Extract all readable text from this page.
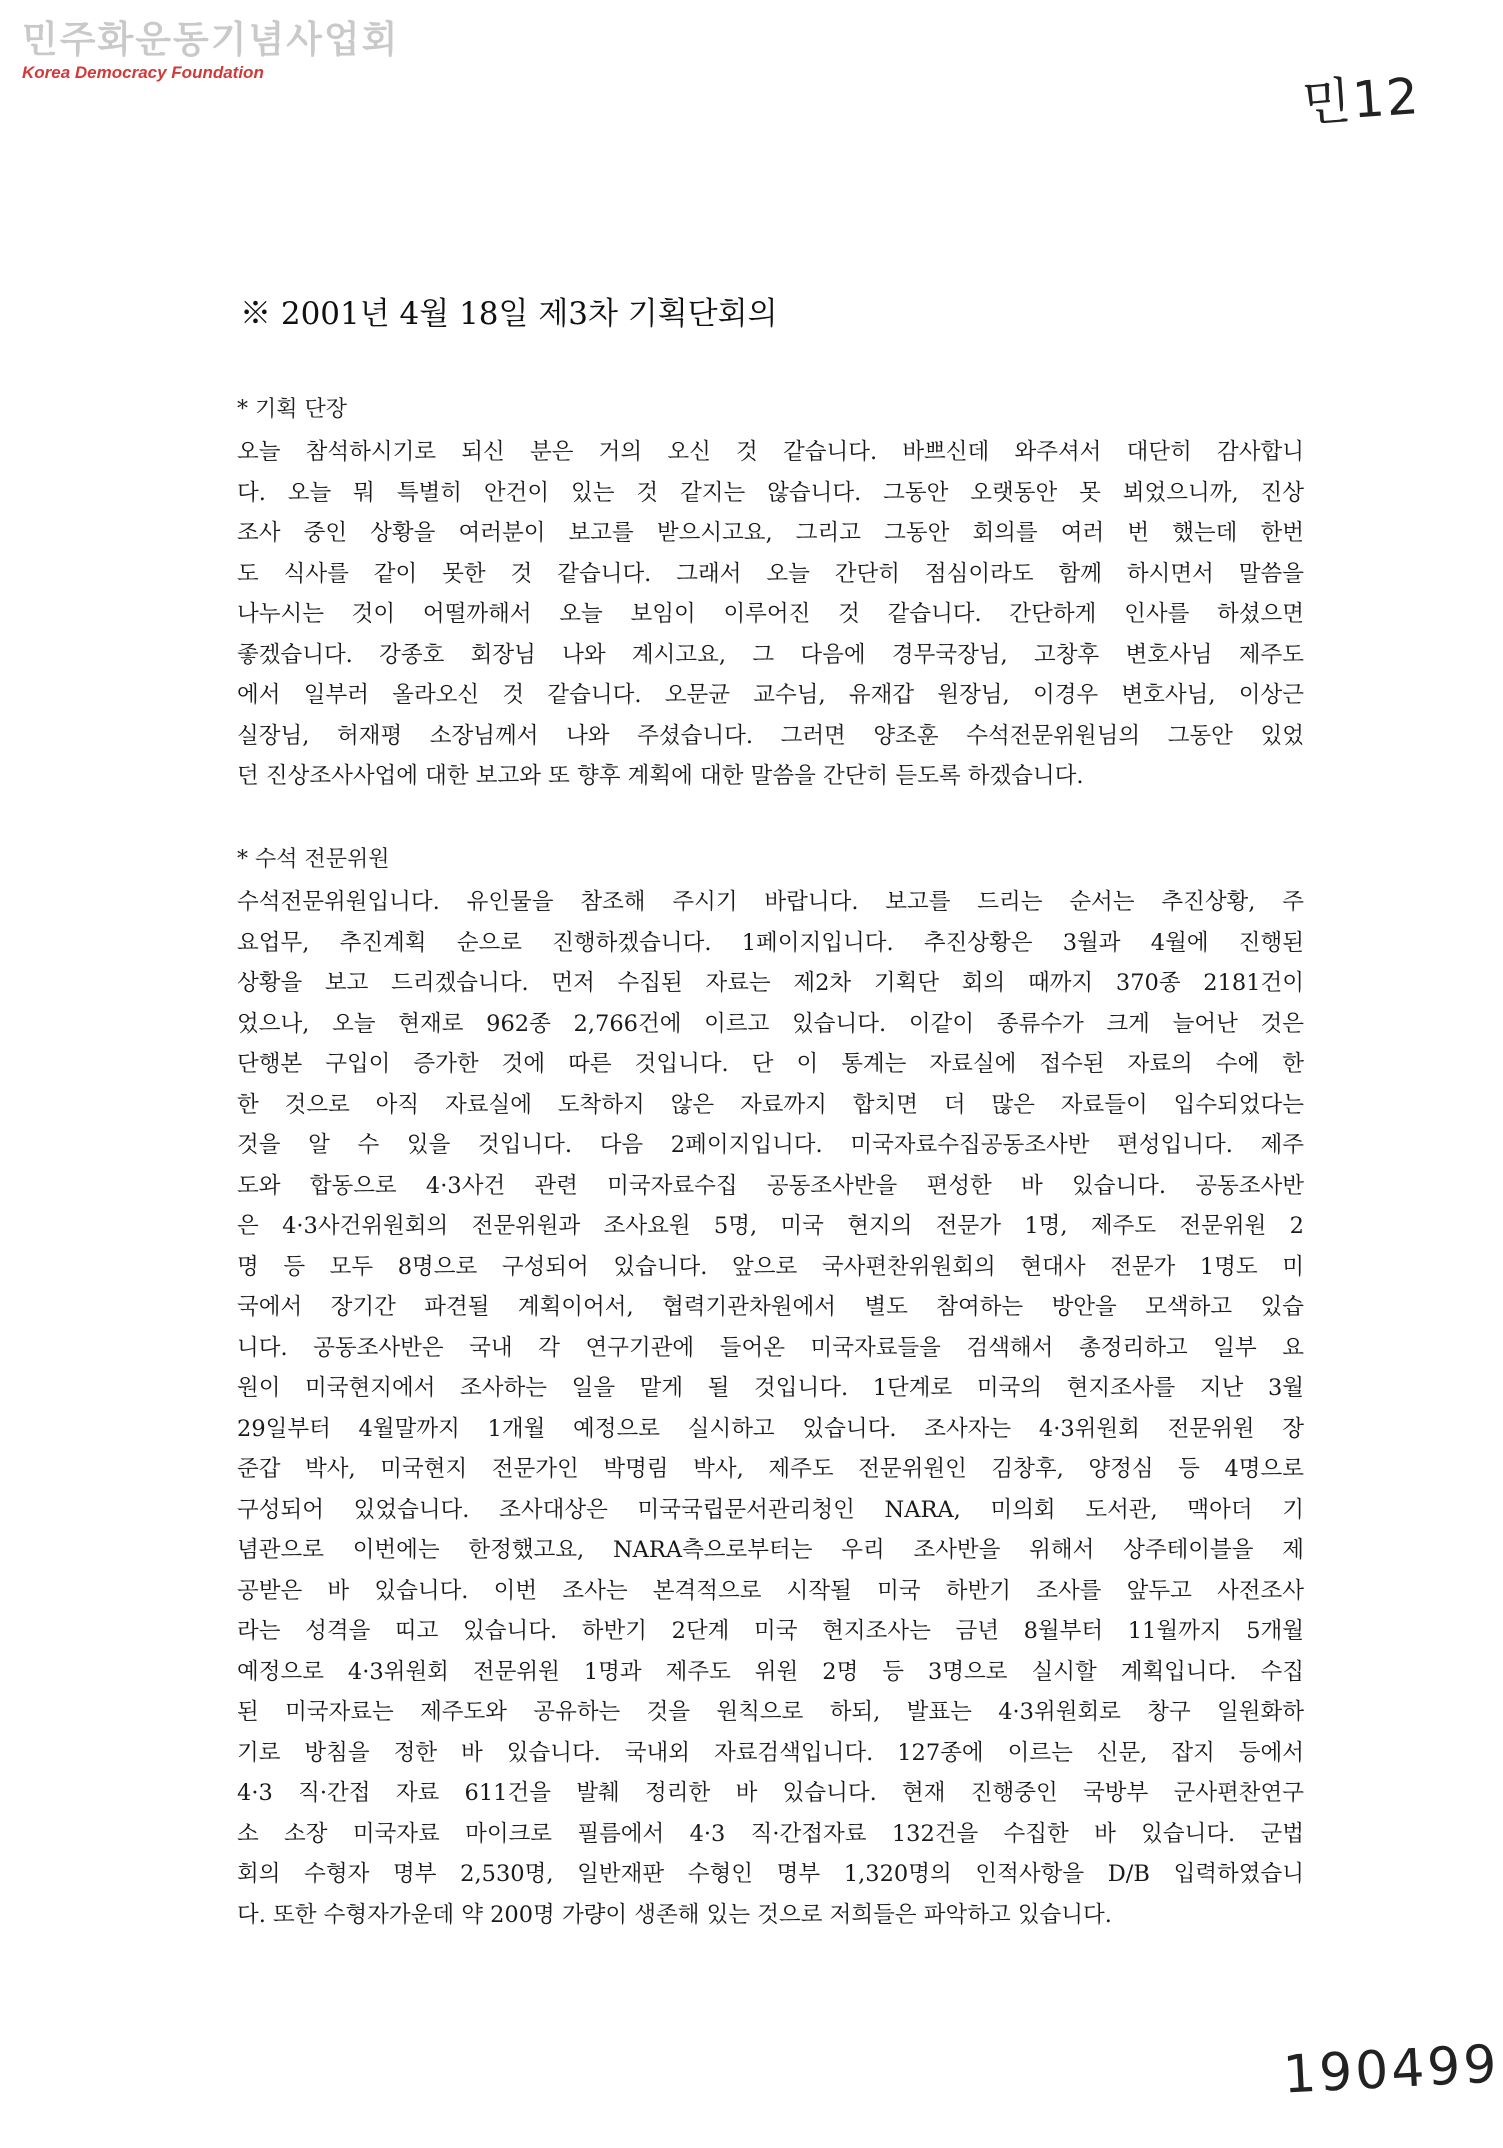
민주화운동기념사업회
Korea Democracy Foundation	민12
※ 2001년 4월 18일 제3차 기획단회의
* 기획 단장
오늘 참석하시기로 되신 분은 거의 오신 것 같습니다. 바쁘신데 와주셔서 대단히 감사합니
다. 오늘 뭐 특별히 안건이 있는 것 같지는 않습니다. 그동안 오랫동안 못 뵈었으니까, 진상
조사 중인 상황을 여러분이 보고를 받으시고요, 그리고 그동안 회의를 여러 번 했는데 한번
도 식사를 같이 못한 것 같습니다. 그래서 오늘 간단히 점심이라도 함께 하시면서 말씀을
나누시는 것이 어떨까해서 오늘 보임이 이루어진 것 같습니다. 간단하게 인사를 하셨으면
좋겠습니다. 강종호 회장님 나와 계시고요, 그 다음에 경무국장님, 고창후 변호사님 제주도
에서 일부러 올라오신 것 같습니다. 오문균 교수님, 유재갑 원장님, 이경우 변호사님, 이상근
실장님, 허재평 소장님께서 나와 주셨습니다. 그러면 양조훈 수석전문위원님의 그동안 있었
던 진상조사사업에 대한 보고와 또 향후 계획에 대한 말씀을 간단히 듣도록 하겠습니다.
* 수석 전문위원
수석전문위원입니다. 유인물을 참조해 주시기 바랍니다. 보고를 드리는 순서는 추진상황, 주
요업무, 추진계획 순으로 진행하겠습니다. 1페이지입니다. 추진상황은 3월과 4월에 진행된
상황을 보고 드리겠습니다. 먼저 수집된 자료는 제2차 기획단 회의 때까지 370종 2181건이
었으나, 오늘 현재로 962종 2,766건에 이르고 있습니다. 이같이 종류수가 크게 늘어난 것은
단행본 구입이 증가한 것에 따른 것입니다. 단 이 통계는 자료실에 접수된 자료의 수에 한
한 것으로 아직 자료실에 도착하지 않은 자료까지 합치면 더 많은 자료들이 입수되었다는
것을 알 수 있을 것입니다. 다음 2페이지입니다. 미국자료수집공동조사반 편성입니다. 제주
도와 합동으로 4·3사건 관련 미국자료수집 공동조사반을 편성한 바 있습니다. 공동조사반
은 4·3사건위원회의 전문위원과 조사요원 5명, 미국 현지의 전문가 1명, 제주도 전문위원 2
명 등 모두 8명으로 구성되어 있습니다. 앞으로 국사편찬위원회의 현대사 전문가 1명도 미
국에서 장기간 파견될 계획이어서, 협력기관차원에서 별도 참여하는 방안을 모색하고 있습
니다. 공동조사반은 국내 각 연구기관에 들어온 미국자료들을 검색해서 총정리하고 일부 요
원이 미국현지에서 조사하는 일을 맡게 될 것입니다. 1단계로 미국의 현지조사를 지난 3월
29일부터 4월말까지 1개월 예정으로 실시하고 있습니다. 조사자는 4·3위원회 전문위원 장
준갑 박사, 미국현지 전문가인 박명림 박사, 제주도 전문위원인 김창후, 양정심 등 4명으로
구성되어 있었습니다. 조사대상은 미국국립문서관리청인 NARA, 미의회 도서관, 맥아더 기
념관으로 이번에는 한정했고요, NARA측으로부터는 우리 조사반을 위해서 상주테이블을 제
공받은 바 있습니다. 이번 조사는 본격적으로 시작될 미국 하반기 조사를 앞두고 사전조사
라는 성격을 띠고 있습니다. 하반기 2단계 미국 현지조사는 금년 8월부터 11월까지 5개월
예정으로 4·3위원회 전문위원 1명과 제주도 위원 2명 등 3명으로 실시할 계획입니다. 수집
된 미국자료는 제주도와 공유하는 것을 원칙으로 하되, 발표는 4·3위원회로 창구 일원화하
기로 방침을 정한 바 있습니다. 국내외 자료검색입니다. 127종에 이르는 신문, 잡지 등에서
4·3 직·간접 자료 611건을 발췌 정리한 바 있습니다. 현재 진행중인 국방부 군사편찬연구
소 소장 미국자료 마이크로 필름에서 4·3 직·간접자료 132건을 수집한 바 있습니다. 군법
회의 수형자 명부 2,530명, 일반재판 수형인 명부 1,320명의 인적사항을 D/B 입력하였습니
다. 또한 수형자가운데 약 200명 가량이 생존해 있는 것으로 저희들은 파악하고 있습니다.
190499
